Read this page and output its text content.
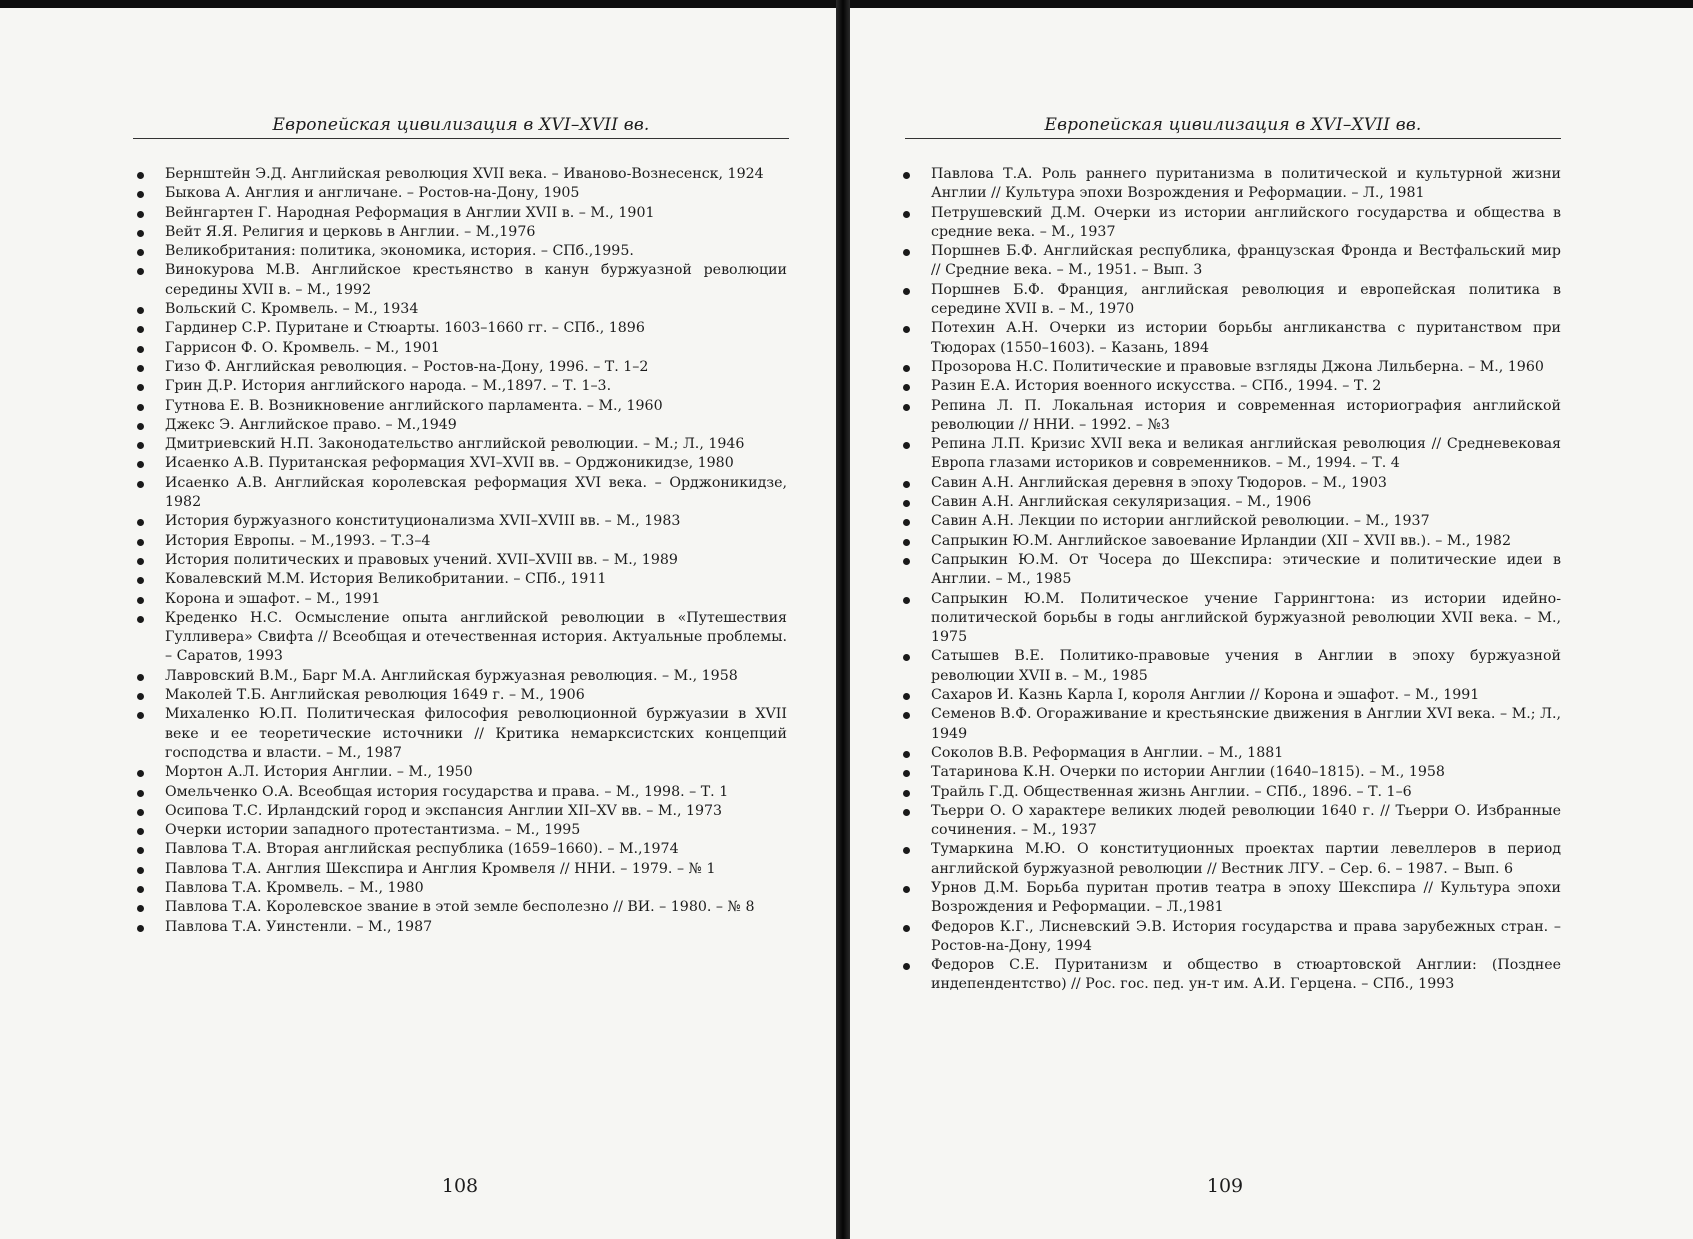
Европейская цивилизация в XVI–XVII вв.
Бернштейн Э.Д. Английская революция XVII века. – Иваново-Вознесенск, 1924
Быкова А. Англия и англичане. – Ростов-на-Дону, 1905
Вейнгартен Г. Народная Реформация в Англии XVII в. – М., 1901
Вейт Я.Я. Религия и церковь в Англии. – М.,1976
Великобритания: политика, экономика, история. – СПб.,1995.
Винокурова М.В. Английское крестьянство в канун буржуазной революции середины XVII в. – М., 1992
Вольский С. Кромвель. – М., 1934
Гардинер С.Р. Пуритане и Стюарты. 1603–1660 гг. – СПб., 1896
Гаррисон Ф. О. Кромвель. – М., 1901
Гизо Ф. Английская революция. – Ростов-на-Дону, 1996. – Т. 1–2
Грин Д.Р. История английского народа. – М.,1897. – Т. 1–3.
Гутнова Е. В. Возникновение английского парламента. – М., 1960
Джекс Э. Английское право. – М.,1949
Дмитриевский Н.П. Законодательство английской революции. – М.; Л., 1946
Исаенко А.В. Пуританская реформация XVI–XVII вв. – Орджоникидзе, 1980
Исаенко А.В. Английская королевская реформация XVI века. – Орджоникидзе, 1982
История буржуазного конституционализма XVII–XVIII вв. – М., 1983
История Европы. – М.,1993. – Т.3–4
История политических и правовых учений. XVII–XVIII вв. – М., 1989
Ковалевский М.М. История Великобритании. – СПб., 1911
Корона и эшафот. – М., 1991
Креденко Н.С. Осмысление опыта английской революции в «Путешествия Гулливера» Свифта // Всеобщая и отечественная история. Актуальные проблемы. – Саратов, 1993
Лавровский В.М., Барг М.А. Английская буржуазная революция. – М., 1958
Маколей Т.Б. Английская революция 1649 г. – М., 1906
Михаленко Ю.П. Политическая философия революционной буржуазии в XVII веке и ее теоретические источники // Критика немарксистских концепций господства и власти. – М., 1987
Мортон А.Л. История Англии. – М., 1950
Омельченко О.А. Всеобщая история государства и права. – М., 1998. – Т. 1
Осипова Т.С. Ирландский город и экспансия Англии XII–XV вв. – М., 1973
Очерки истории западного протестантизма. – М., 1995
Павлова Т.А. Вторая английская республика (1659–1660). – М.,1974
Павлова Т.А. Англия Шекспира и Англия Кромвеля // ННИ. – 1979. – № 1
Павлова Т.А. Кромвель. – М., 1980
Павлова Т.А. Королевское звание в этой земле бесполезно // ВИ. – 1980. – № 8
Павлова Т.А. Уинстенли. – М., 1987
108
Европейская цивилизация в XVI–XVII вв.
Павлова Т.А. Роль раннего пуританизма в политической и культурной жизни Англии // Культура эпохи Возрождения и Реформации. – Л., 1981
Петрушевский Д.М. Очерки из истории английского государства и общества в средние века. – М., 1937
Поршнев Б.Ф. Английская республика, французская Фронда и Вестфальский мир // Средние века. – М., 1951. – Вып. 3
Поршнев Б.Ф. Франция, английская революция и европейская политика в середине XVII в. – М., 1970
Потехин А.Н. Очерки из истории борьбы англиканства с пуританством при Тюдорах (1550–1603). – Казань, 1894
Прозорова Н.С. Политические и правовые взгляды Джона Лильберна. – М., 1960
Разин Е.А. История военного искусства. – СПб., 1994. – Т. 2
Репина Л. П. Локальная история и современная историография английской революции // ННИ. – 1992. – №3
Репина Л.П. Кризис XVII века и великая английская революция // Средневековая Европа глазами историков и современников. – М., 1994. – Т. 4
Савин А.Н. Английская деревня в эпоху Тюдоров. – М., 1903
Савин А.Н. Английская секуляризация. – М., 1906
Савин А.Н. Лекции по истории английской революции. – М., 1937
Сапрыкин Ю.М. Английское завоевание Ирландии (XII – XVII вв.). – М., 1982
Сапрыкин Ю.М. От Чосера до Шекспира: этические и политические идеи в Англии. – М., 1985
Сапрыкин Ю.М. Политическое учение Гаррингтона: из истории идейно-политической борьбы в годы английской буржуазной революции XVII века. – М., 1975
Сатышев В.Е. Политико-правовые учения в Англии в эпоху буржуазной революции XVII в. – М., 1985
Сахаров И. Казнь Карла I, короля Англии // Корона и эшафот. – М., 1991
Семенов В.Ф. Огораживание и крестьянские движения в Англии XVI века. – М.; Л., 1949
Соколов В.В. Реформация в Англии. – М., 1881
Татаринова К.Н. Очерки по истории Англии (1640–1815). – М., 1958
Трайль Г.Д. Общественная жизнь Англии. – СПб., 1896. – Т. 1–6
Тьерри О. О характере великих людей революции 1640 г. // Тьерри О. Избранные сочинения. – М., 1937
Тумаркина М.Ю. О конституционных проектах партии левеллеров в период английской буржуазной революции // Вестник ЛГУ. – Сер. 6. – 1987. – Вып. 6
Урнов Д.М. Борьба пуритан против театра в эпоху Шекспира // Культура эпохи Возрождения и Реформации. – Л.,1981
Федоров К.Г., Лисневский Э.В. История государства и права зарубежных стран. – Ростов-на-Дону, 1994
Федоров С.Е. Пуританизм и общество в стюартовской Англии: (Позднее индепендентство) // Рос. гос. пед. ун-т им. А.И. Герцена. – СПб., 1993
109
